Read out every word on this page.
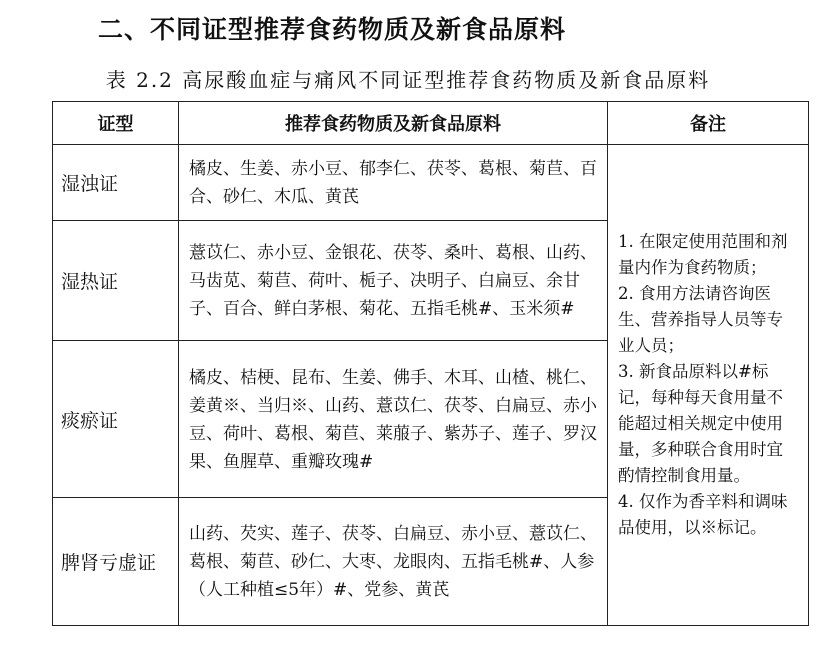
二、不同证型推荐食药物质及新食品原料
表 2.2 高尿酸血症与痛风不同证型推荐食药物质及新食品原料
证型	推荐食药物质及新食品原料	备注
湿浊证	橘皮、生姜、赤小豆、郁李仁、茯苓、葛根、菊苣、百合、砂仁、木瓜、黄芪	1. 在限定使用范围和剂量内作为食药物质；

2. 食用方法请咨询医生、营养指导人员等专业人员；

3. 新食品原料以#标记，每种每天食用量不能超过相关规定中使用量，多种联合食用时宜酌情控制食用量。

4. 仅作为香辛料和调味品使用，以※标记。

湿热证	薏苡仁、赤小豆、金银花、茯苓、桑叶、葛根、山药、马齿苋、菊苣、荷叶、栀子、决明子、白扁豆、余甘子、百合、鲜白茅根、菊花、五指毛桃#、玉米须#	
痰瘀证	橘皮、桔梗、昆布、生姜、佛手、木耳、山楂、桃仁、姜黄※、当归※、山药、薏苡仁、茯苓、白扁豆、赤小豆、荷叶、葛根、菊苣、莱菔子、紫苏子、莲子、罗汉果、鱼腥草、重瓣玫瑰#	
脾肾亏虚证	山药、芡实、莲子、茯苓、白扁豆、赤小豆、薏苡仁、葛根、菊苣、砂仁、大枣、龙眼肉、五指毛桃#、人参（人工种植≤5年）#、党参、黄芪	
